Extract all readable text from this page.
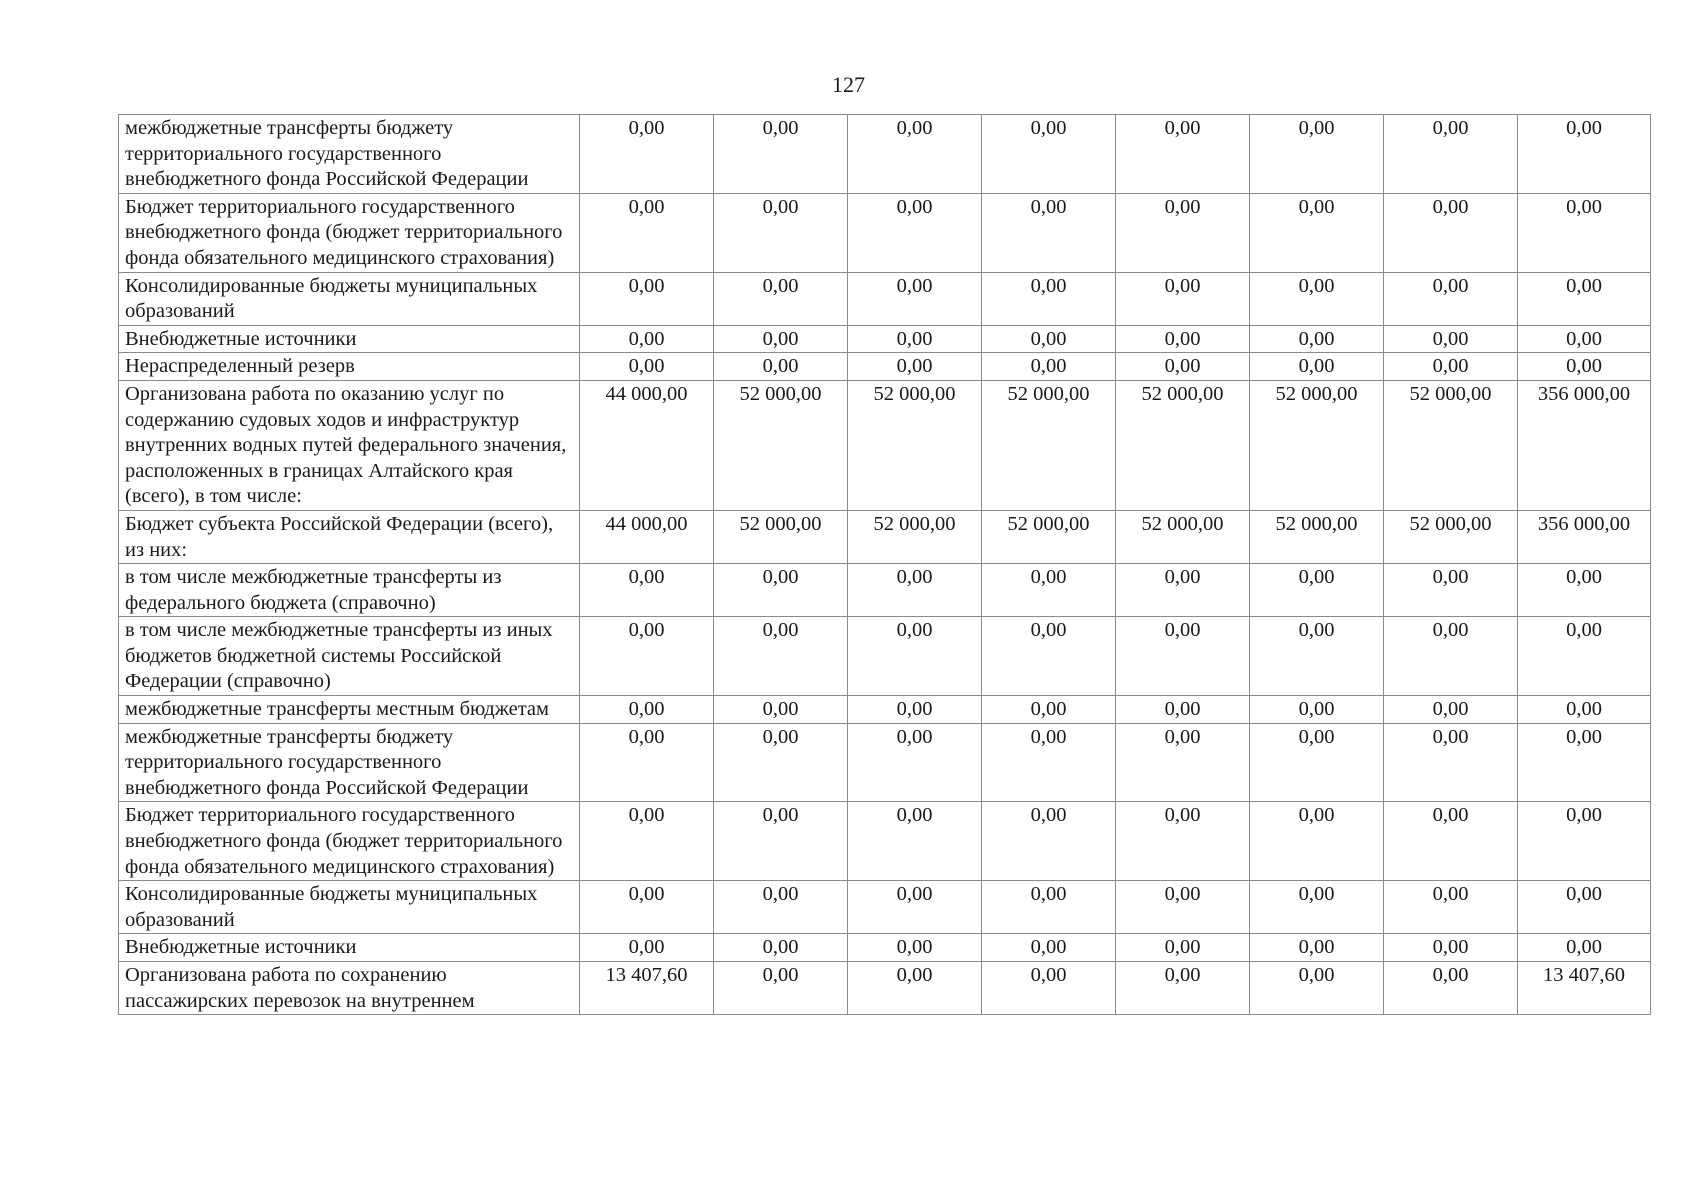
127
межбюджетные трансферты бюджету территориального государственного внебюджетного фонда Российской Федерации	0,00	0,00	0,00	0,00	0,00	0,00	0,00	0,00
Бюджет территориального государственного внебюджетного фонда (бюджет территориального фонда обязательного медицинского страхования)	0,00	0,00	0,00	0,00	0,00	0,00	0,00	0,00
Консолидированные бюджеты муниципальных образований	0,00	0,00	0,00	0,00	0,00	0,00	0,00	0,00
Внебюджетные источники	0,00	0,00	0,00	0,00	0,00	0,00	0,00	0,00
Нераспределенный резерв	0,00	0,00	0,00	0,00	0,00	0,00	0,00	0,00
Организована работа по оказанию услуг по содержанию судовых ходов и инфраструктур внутренних водных путей федерального значения, расположенных в границах Алтайского края (всего), в том числе:	44 000,00	52 000,00	52 000,00	52 000,00	52 000,00	52 000,00	52 000,00	356 000,00
Бюджет субъекта Российской Федерации (всего), из них:	44 000,00	52 000,00	52 000,00	52 000,00	52 000,00	52 000,00	52 000,00	356 000,00
в том числе межбюджетные трансферты из федерального бюджета (справочно)	0,00	0,00	0,00	0,00	0,00	0,00	0,00	0,00
в том числе межбюджетные трансферты из иных бюджетов бюджетной системы Российской Федерации (справочно)	0,00	0,00	0,00	0,00	0,00	0,00	0,00	0,00
межбюджетные трансферты местным бюджетам	0,00	0,00	0,00	0,00	0,00	0,00	0,00	0,00
межбюджетные трансферты бюджету территориального государственного внебюджетного фонда Российской Федерации	0,00	0,00	0,00	0,00	0,00	0,00	0,00	0,00
Бюджет территориального государственного внебюджетного фонда (бюджет территориального фонда обязательного медицинского страхования)	0,00	0,00	0,00	0,00	0,00	0,00	0,00	0,00
Консолидированные бюджеты муниципальных образований	0,00	0,00	0,00	0,00	0,00	0,00	0,00	0,00
Внебюджетные источники	0,00	0,00	0,00	0,00	0,00	0,00	0,00	0,00
Организована работа по сохранению пассажирских перевозок на внутреннем	13 407,60	0,00	0,00	0,00	0,00	0,00	0,00	13 407,60
